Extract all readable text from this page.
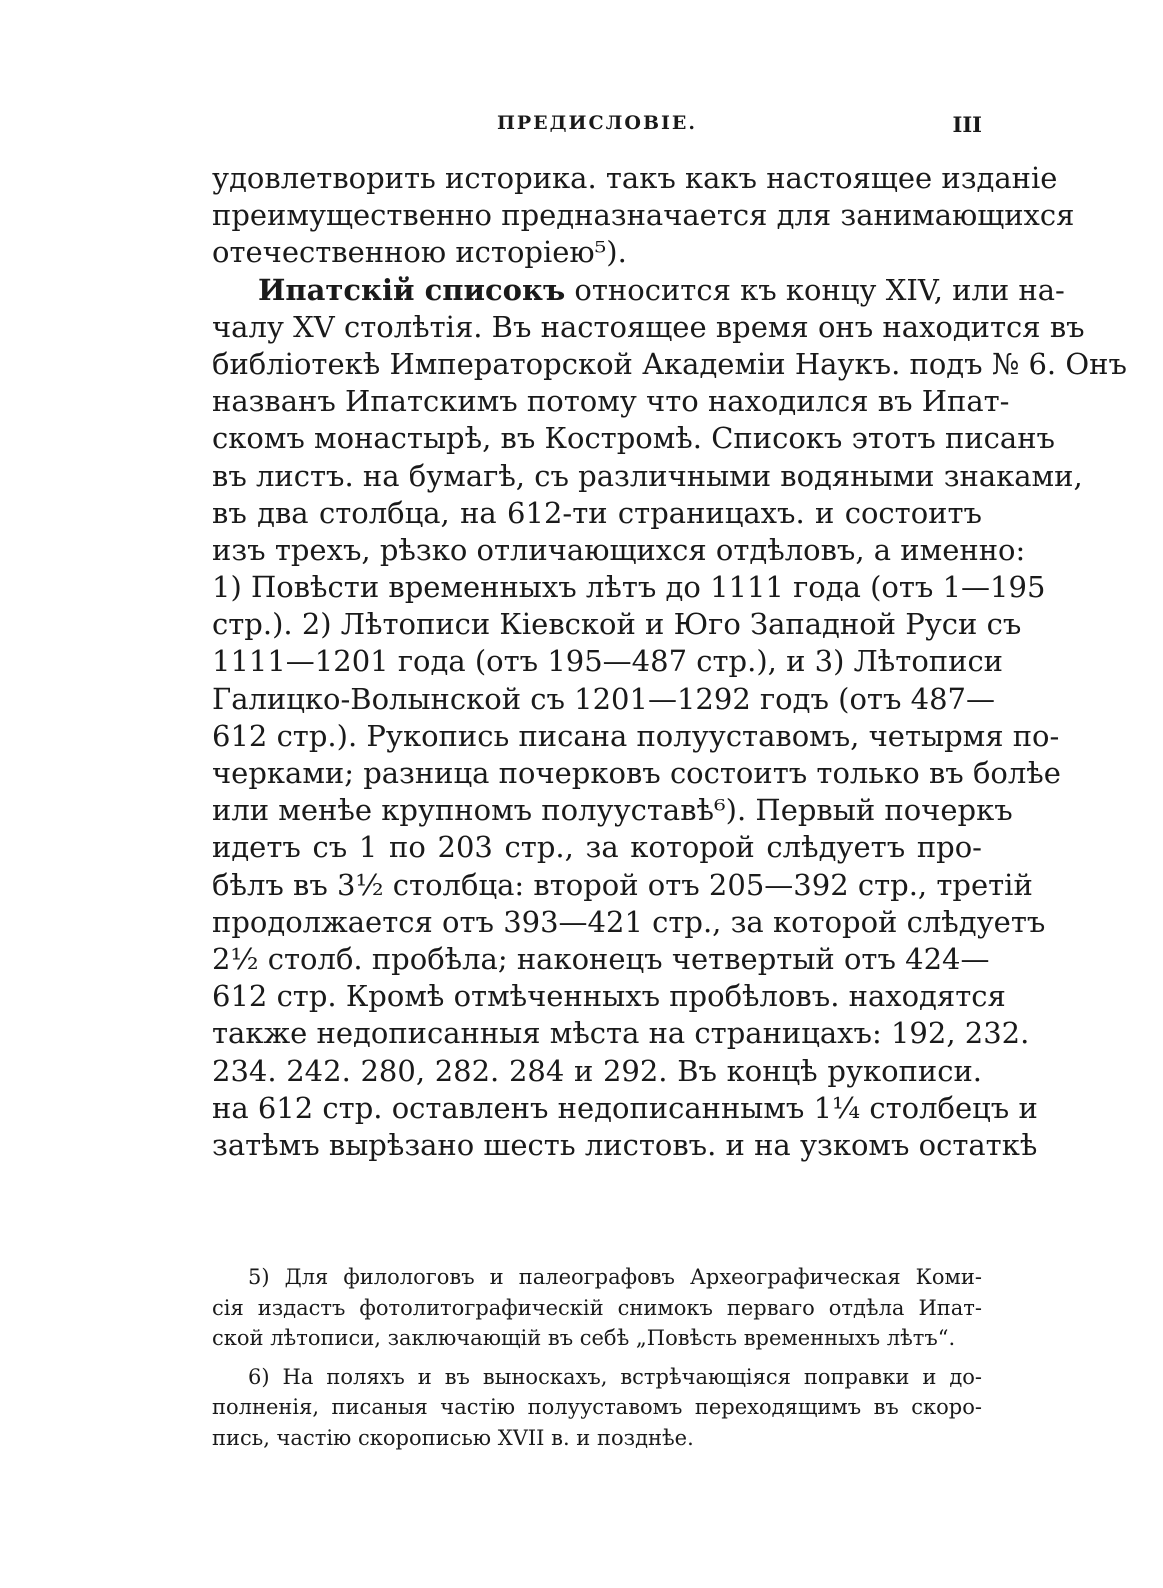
ПРЕДИСЛОВІЕ.	III
удовлетворить историка. такъ какъ настоящее изданіе
преимущественно предназначается для занимающихся
отечественною исторіею⁵).
Ипатскій списокъ относится къ концу XIV, или на-
чалу XV столѣтія. Въ настоящее время онъ находится въ
библіотекѣ Императорской Академіи Наукъ. подъ № 6. Онъ
названъ Ипатскимъ потому что находился въ Ипат-
скомъ монастырѣ, въ Костромѣ. Списокъ этотъ писанъ
въ листъ. на бумагѣ, съ различными водяными знаками,
въ два столбца, на 612-ти страницахъ. и состоитъ
изъ трехъ, рѣзко отличающихся отдѣловъ, а именно:
1) Повѣсти временныхъ лѣтъ до 1111 года (отъ 1—195
стр.). 2) Лѣтописи Кіевской и Юго Западной Руси съ
1111—1201 года (отъ 195—487 стр.), и 3) Лѣтописи
Галицко-Волынской съ 1201—1292 годъ (отъ 487—
612 стр.). Рукопись писана полууставомъ, четырмя по-
черками; разница почерковъ состоитъ только въ болѣе
или менѣе крупномъ полууставѣ⁶). Первый почеркъ
идетъ съ 1 по 203 стр., за которой слѣдуетъ про-
бѣлъ въ 3½ столбца: второй отъ 205—392 стр., третій
продолжается отъ 393—421 стр., за которой слѣдуетъ
2½ столб. пробѣла; наконецъ четвертый отъ 424—
612 стр. Кромѣ отмѣченныхъ пробѣловъ. находятся
также недописанныя мѣста на страницахъ: 192, 232.
234. 242. 280, 282. 284 и 292. Въ концѣ рукописи.
на 612 стр. оставленъ недописаннымъ 1¼ столбецъ и
затѣмъ вырѣзано шесть листовъ. и на узкомъ остаткѣ
5) Для филологовъ и палеографовъ Археографическая Коми-
сія издастъ фотолитографическій снимокъ перваго отдѣла Ипат-
ской лѣтописи, заключающій въ себѣ „Повѣсть временныхъ лѣтъ“.
6) На поляхъ и въ выноскахъ, встрѣчающіяся поправки и до-
полненія, писаныя частію полууставомъ переходящимъ въ скоро-
пись, частію скорописью XVII в. и позднѣе.
